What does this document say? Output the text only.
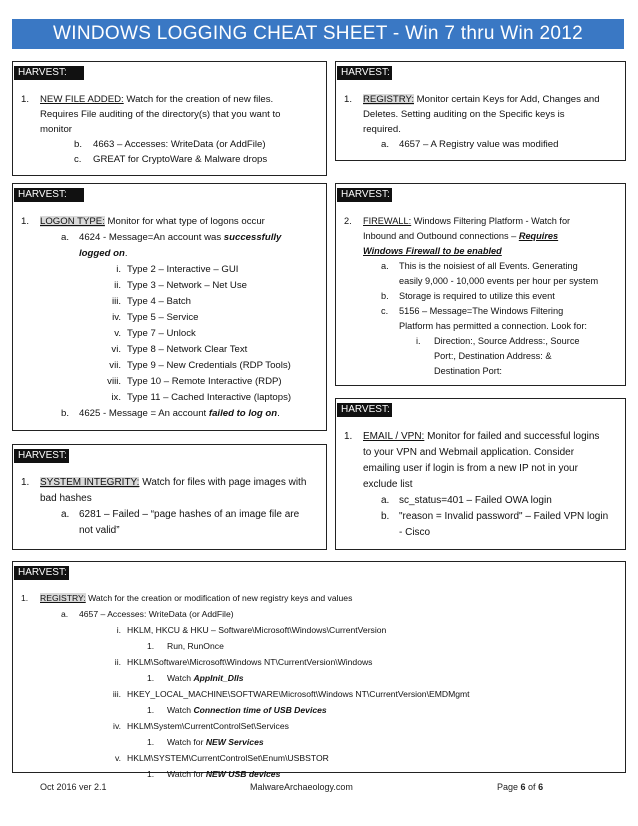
WINDOWS LOGGING CHEAT SHEET - Win 7 thru Win 2012
HARVEST:
1. NEW FILE ADDED: Watch for the creation of new files.
Requires File auditing of the directory(s) that you want to
monitor
b. 4663 – Accesses: WriteData (or AddFile)
c. GREAT for CryptoWare & Malware drops
HARVEST:
1. REGISTRY: Monitor certain Keys for Add, Changes and
Deletes. Setting auditing on the Specific keys is
required.
a. 4657 – A Registry value was modified
HARVEST:
1. LOGON TYPE: Monitor for what type of logons occur
a. 4624 - Message=An account was successfully
logged on.
i. Type 2 – Interactive – GUI
ii. Type 3 – Network – Net Use
iii. Type 4 – Batch
iv. Type 5 – Service
v. Type 7 – Unlock
vi. Type 8 – Network Clear Text
vii. Type 9 – New Credentials (RDP Tools)
viii. Type 10 – Remote Interactive (RDP)
ix. Type 11 – Cached Interactive (laptops)
b. 4625 - Message = An account failed to log on.
HARVEST:
2. FIREWALL: Windows Filtering Platform - Watch for
Inbound and Outbound connections – Requires
Windows Firewall to be enabled
a. This is the noisiest of all Events. Generating
easily 9,000 - 10,000 events per hour per system
b. Storage is required to utilize this event
c. 5156 – Message=The Windows Filtering
Platform has permitted a connection. Look for:
i. Direction:, Source Address:, Source
Port:, Destination Address: &
Destination Port:
HARVEST:
1. EMAIL / VPN: Monitor for failed and successful logins
to your VPN and Webmail application. Consider
emailing user if login is from a new IP not in your
exclude list
a. sc_status=401 – Failed OWA login
b. "reason = Invalid password" – Failed VPN login
- Cisco
HARVEST:
1. SYSTEM INTEGRITY: Watch for files with page images with
bad hashes
a. 6281 – Failed – “page hashes of an image file are
not valid”
HARVEST:
1. REGISTRY: Watch for the creation or modification of new registry keys and values
a. 4657 – Accesses: WriteData (or AddFile)
i. HKLM, HKCU & HKU – Software\Microsoft\Windows\CurrentVersion
1. Run, RunOnce
ii. HKLM\Software\Microsoft\Windows NT\CurrentVersion\Windows
1. Watch AppInit_Dlls
iii. HKEY_LOCAL_MACHINE\SOFTWARE\Microsoft\Windows NT\CurrentVersion\EMDMgmt
1. Watch Connection time of USB Devices
iv. HKLM\System\CurrentControlSet\Services
1. Watch for NEW Services
v. HKLM\SYSTEM\CurrentControlSet\Enum\USBSTOR
1. Watch for NEW USB devices
Oct 2016 ver 2.1	MalwareArchaeology.com	Page 6 of 6
